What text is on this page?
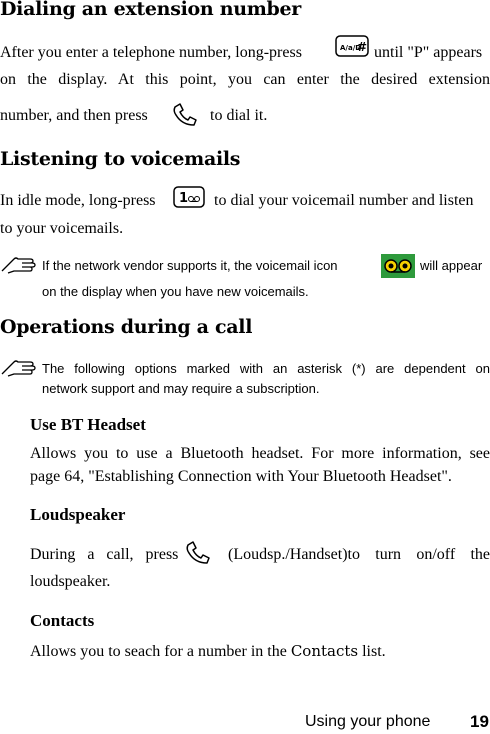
Dialing an extension number
After you enter a telephone number, long-press	A/a/D
# until "P" appears
on the display. At this point, you can enter the desired extension
number, and then press	to dial it.
Listening to voicemails
In idle mode, long-press 1 to dial your voicemail number and listen
to your voicemails.
If the network vendor supports it, the voicemail icon	will appear
on the display when you have new voicemails.
Operations during a call
The following options marked with an asterisk (*) are dependent on
network support and may require a subscription.
Use BT Headset
Allows you to use a Bluetooth headset. For more information, see
page 64, "Establishing Connection with Your Bluetooth Headset".
Loudspeaker
During a call, press	(Loudsp./Handset)to turn on/off the
loudspeaker.
Contacts
Allows you to seach for a number in the Contacts list.
Using your phone 19
